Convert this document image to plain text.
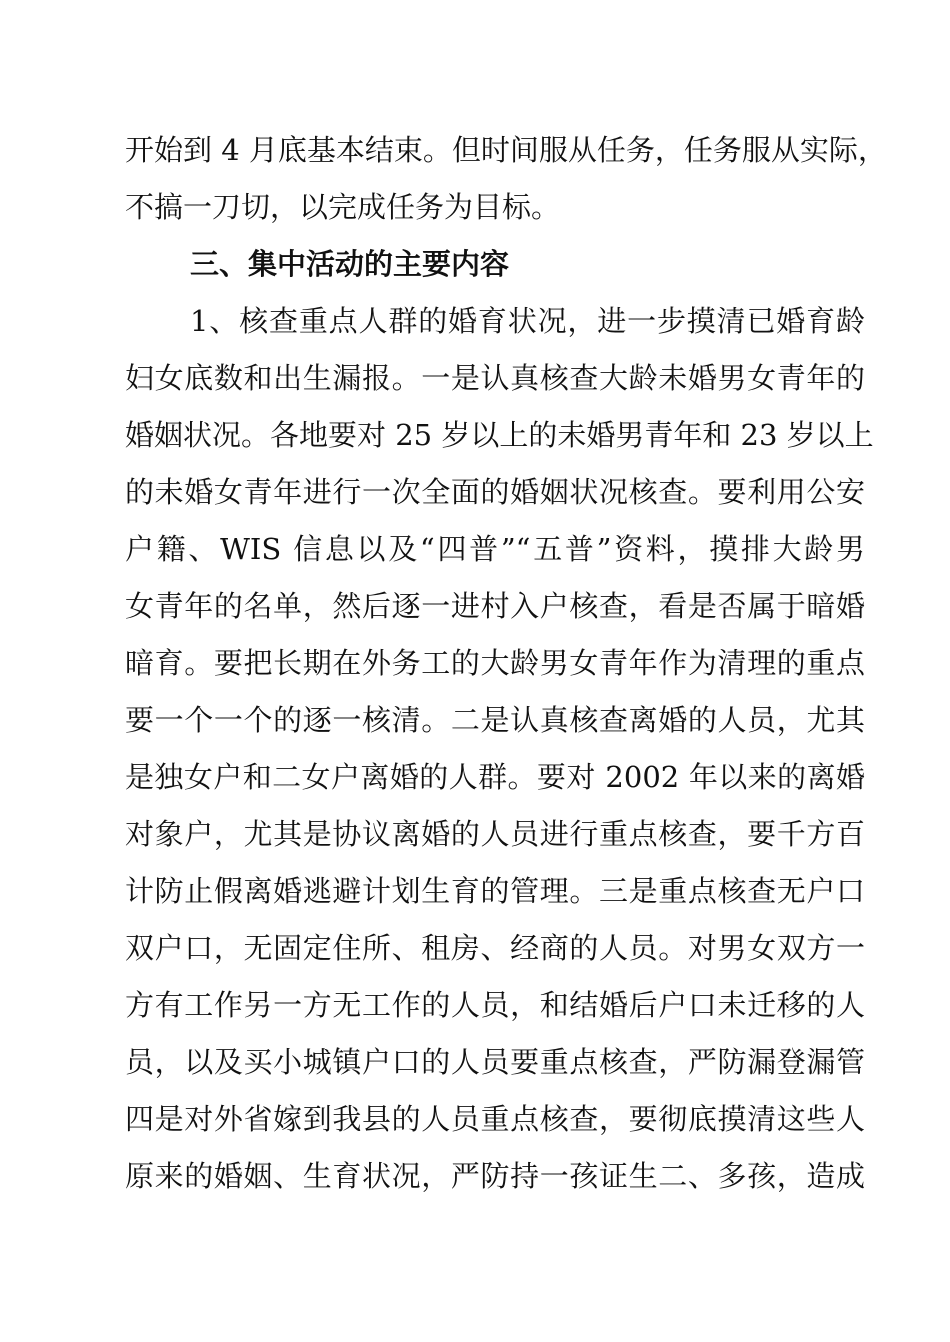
开始到 4 月底基本结束。但时间服从任务，任务服从实际，
不搞一刀切，以完成任务为目标。
三、集中活动的主要内容
1、核查重点人群的婚育状况，进一步摸清已婚育龄
妇女底数和出生漏报。一是认真核查大龄未婚男女青年的
婚姻状况。各地要对 25 岁以上的未婚男青年和 23 岁以上
的未婚女青年进行一次全面的婚姻状况核查。要利用公安
户籍、WIS 信息以及“四普”“五普”资料，摸排大龄男
女青年的名单，然后逐一进村入户核查，看是否属于暗婚
暗育。要把长期在外务工的大龄男女青年作为清理的重点
要一个一个的逐一核清。二是认真核查离婚的人员，尤其
是独女户和二女户离婚的人群。要对 2002 年以来的离婚
对象户，尤其是协议离婚的人员进行重点核查，要千方百
计防止假离婚逃避计划生育的管理。三是重点核查无户口
双户口，无固定住所、租房、经商的人员。对男女双方一
方有工作另一方无工作的人员，和结婚后户口未迁移的人
员，以及买小城镇户口的人员要重点核查，严防漏登漏管
四是对外省嫁到我县的人员重点核查，要彻底摸清这些人
原来的婚姻、生育状况，严防持一孩证生二、多孩，造成
